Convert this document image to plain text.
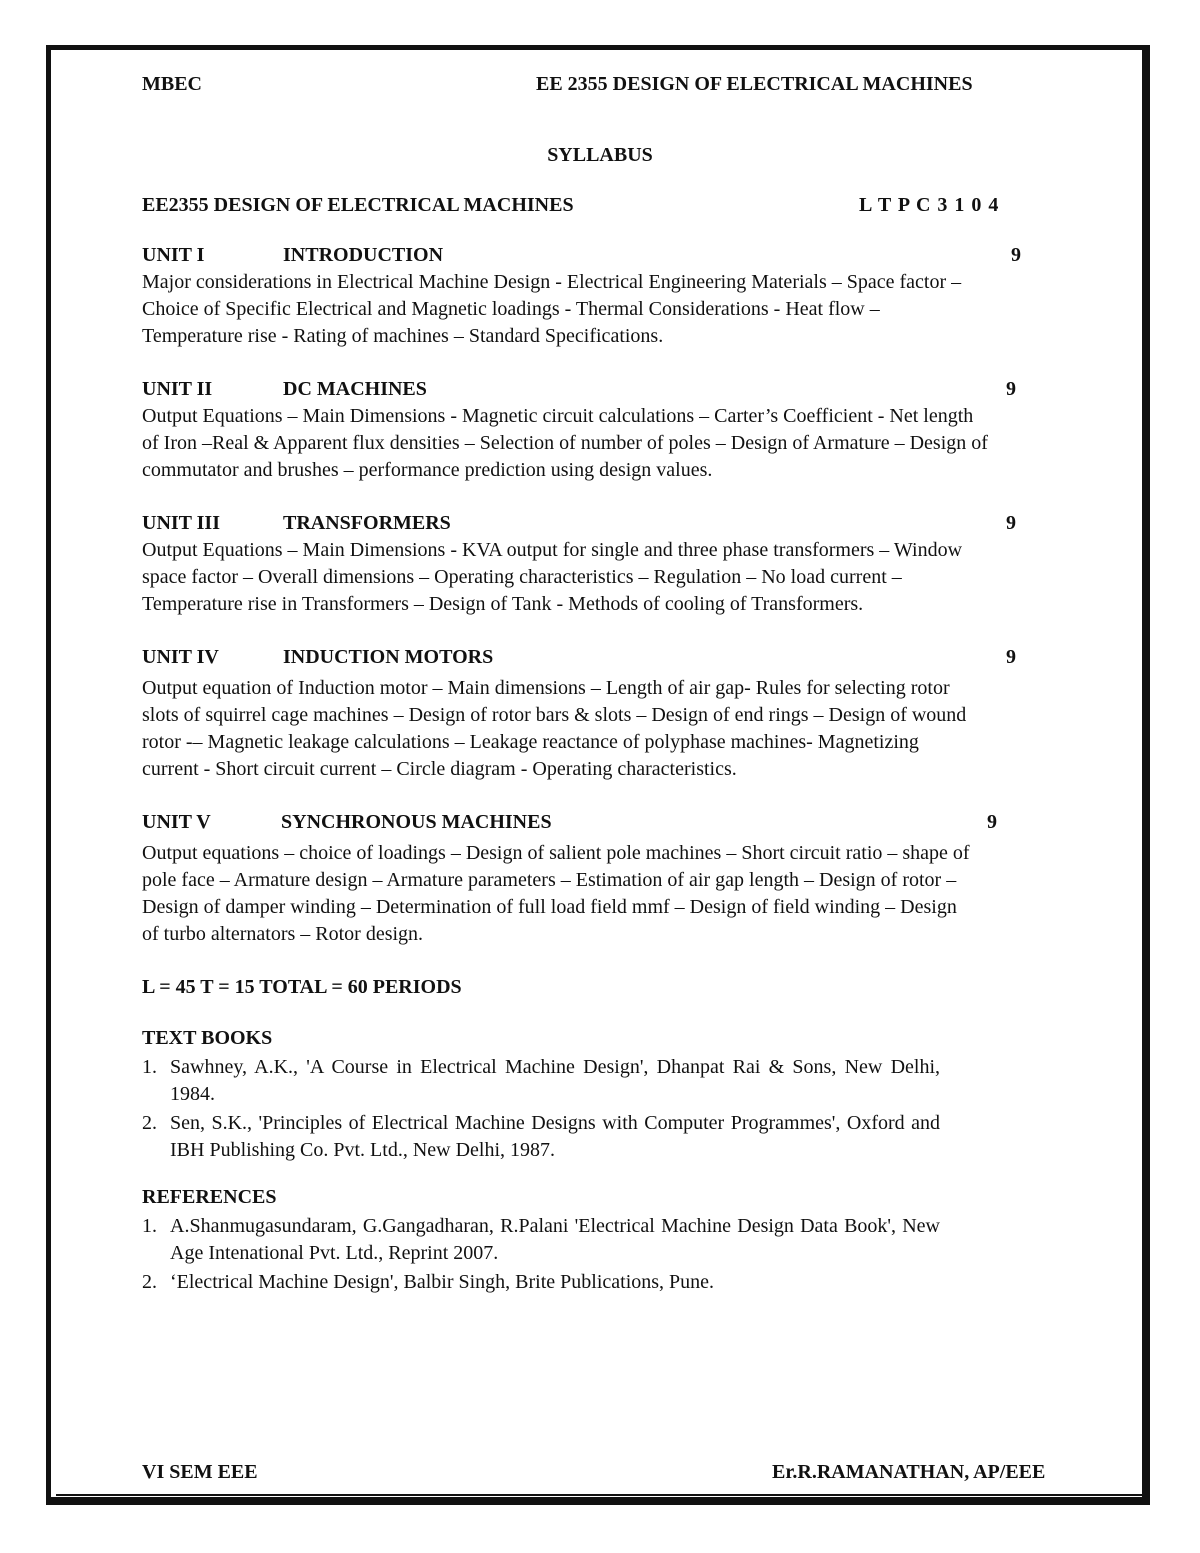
MBEC	EE 2355 DESIGN OF ELECTRICAL MACHINES
SYLLABUS
EE2355 DESIGN OF ELECTRICAL MACHINES	L T P C 3 1 0 4
UNIT I	INTRODUCTION	9

Major considerations in Electrical Machine Design - Electrical Engineering Materials – Space factor – Choice of Specific Electrical and Magnetic loadings - Thermal Considerations - Heat flow – Temperature rise - Rating of machines – Standard Specifications.

UNIT II	DC MACHINES	9

Output Equations – Main Dimensions - Magnetic circuit calculations – Carter’s Coefficient - Net length of Iron –Real & Apparent flux densities – Selection of number of poles – Design of Armature – Design of commutator and brushes – performance prediction using design values.

UNIT III	TRANSFORMERS	9

Output Equations – Main Dimensions - KVA output for single and three phase transformers – Window space factor – Overall dimensions – Operating characteristics – Regulation – No load current – Temperature rise in Transformers – Design of Tank - Methods of cooling of Transformers.

UNIT IV	INDUCTION MOTORS	9

Output equation of Induction motor – Main dimensions – Length of air gap- Rules for selecting rotor slots of squirrel cage machines – Design of rotor bars & slots – Design of end rings – Design of wound rotor -– Magnetic leakage calculations – Leakage reactance of polyphase machines- Magnetizing current - Short circuit current – Circle diagram - Operating characteristics.

UNIT V	SYNCHRONOUS MACHINES	9

Output equations – choice of loadings – Design of salient pole machines – Short circuit ratio – shape of pole face – Armature design – Armature parameters – Estimation of air gap length – Design of rotor –Design of damper winding – Determination of full load field mmf – Design of field winding – Design of turbo alternators – Rotor design.

L = 45 T = 15 TOTAL = 60 PERIODS
TEXT BOOKS
1. Sawhney, A.K., 'A Course in Electrical Machine Design', Dhanpat Rai & Sons, New Delhi, 1984.
2. Sen, S.K., 'Principles of Electrical Machine Designs with Computer Programmes', Oxford and IBH Publishing Co. Pvt. Ltd., New Delhi, 1987.
REFERENCES
1. A.Shanmugasundaram, G.Gangadharan, R.Palani 'Electrical Machine Design Data Book', New Age Intenational Pvt. Ltd., Reprint 2007.
2. ‘Electrical Machine Design', Balbir Singh, Brite Publications, Pune.
VI SEM EEE	Er.R.RAMANATHAN, AP/EEE
